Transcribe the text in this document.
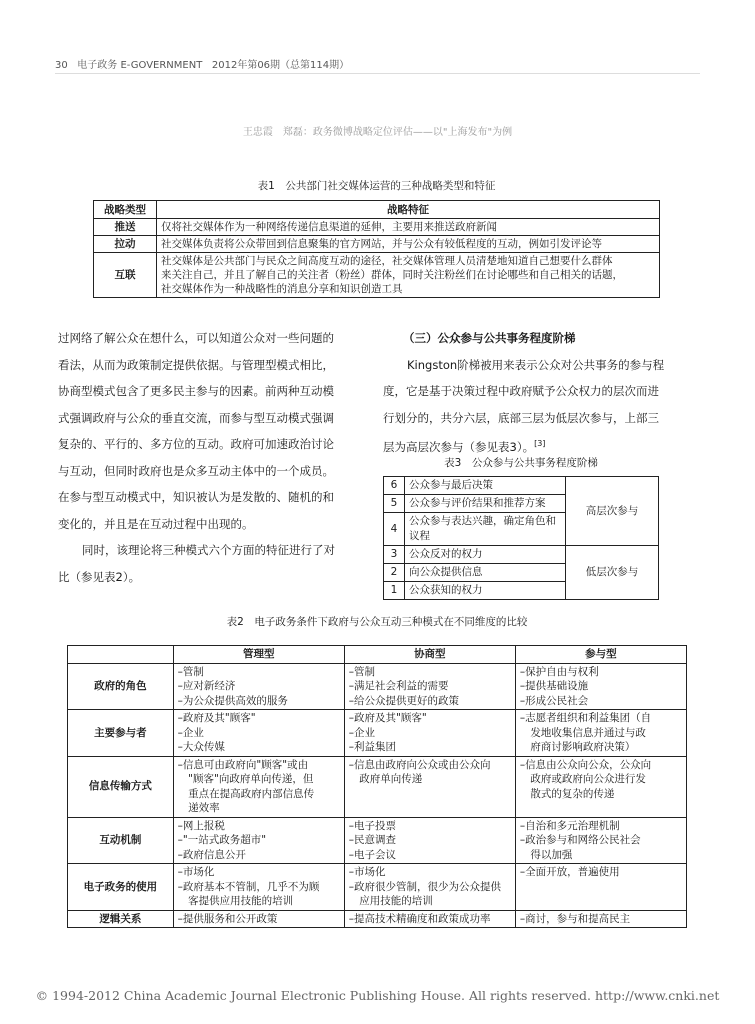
30 电子政务 E-GOVERNMENT 2012年第06期（总第114期）
王忠霞　郑磊：政务微博战略定位评估——以"上海发布"为例
表1　公共部门社交媒体运营的三种战略类型和特征
战略类型	战略特征
推送	仅将社交媒体作为一种网络传递信息渠道的延伸，主要用来推送政府新闻
拉动	社交媒体负责将公众带回到信息聚集的官方网站，并与公众有较低程度的互动，例如引发评论等
互联	社交媒体是公共部门与民众之间高度互动的途径，社交媒体管理人员清楚地知道自己想要什么群体
来关注自己，并且了解自己的关注者（粉丝）群体，同时关注粉丝们在讨论哪些和自己相关的话题，
社交媒体作为一种战略性的消息分享和知识创造工具

过网络了解公众在想什么，可以知道公众对一些问题的
看法，从而为政策制定提供依据。与管理型模式相比，
协商型模式包含了更多民主参与的因素。前两种互动模
式强调政府与公众的垂直交流，而参与型互动模式强调
复杂的、平行的、多方位的互动。政府可加速政治讨论
与互动，但同时政府也是众多互动主体中的一个成员。
在参与型互动模式中，知识被认为是发散的、随机的和
变化的，并且是在互动过程中出现的。

同时，该理论将三种模式六个方面的特征进行了对
比（参见表2）。

（三）公众参与公共事务程度阶梯

Kingston阶梯被用来表示公众对公共事务的参与程
度，它是基于决策过程中政府赋予公众权力的层次而进
行划分的，共分六层，底部三层为低层次参与，上部三
层为高层次参与（参见表3）。[3]

表3　公众参与公共事务程度阶梯
6	公众参与最后决策	高层次参与
5	公众参与评价结果和推荐方案	
4	公众参与表达兴趣，确定角色和议程	
3	公众反对的权力	低层次参与
2	向公众提供信息	
1	公众获知的权力	
表2　电子政务条件下政府与公众互动三种模式在不同维度的比较
	管理型	协商型	参与型
政府的角色	–管制
–应对新经济
–为公众提供高效的服务	–管制
–满足社会利益的需要
–给公众提供更好的政策	–保护自由与权利
–提供基础设施
–形成公民社会

主要参与者	–政府及其"顾客"
–企业
–大众传媒	–政府及其"顾客"
–企业
–利益集团	–志愿者组织和利益集团（自
　发地收集信息并通过与政
　府商讨影响政府决策）

信息传输方式	–信息可由政府向"顾客"或由
　"顾客"向政府单向传递，但
　重点在提高政府内部信息传
　递效率	–信息由政府向公众或由公众向
　政府单向传递	–信息由公众向公众，公众向
　政府或政府向公众进行发
　散式的复杂的传递

互动机制	–网上报税
–"一站式政务超市"
–政府信息公开	–电子投票
–民意调查
–电子会议	–自治和多元治理机制
–政治参与和网络公民社会
　得以加强

电子政务的使用	–市场化
–政府基本不管制，几乎不为顾
　客提供应用技能的培训	–市场化
–政府很少管制，很少为公众提供
　应用技能的培训	–全面开放，普遍使用

逻辑关系	–提供服务和公开政策	–提高技术精确度和政策成功率	–商讨，参与和提高民主
© 1994-2012 China Academic Journal Electronic Publishing House. All rights reserved. http://www.cnki.net
